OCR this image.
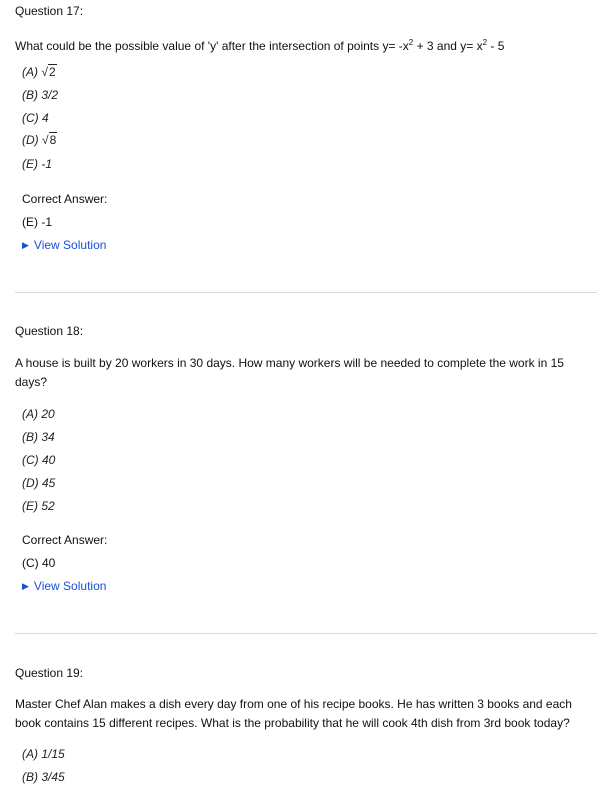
Question 17:
What could be the possible value of 'y' after the intersection of points $y= -x^2 + 3$ and $y= x^2 - 5$
(A) √2
(B) 3/2
(C) 4
(D) √8
(E) -1
Correct Answer:
(E) -1
▶ View Solution
Question 18:
A house is built by 20 workers in 30 days. How many workers will be needed to complete the work in 15 days?
(A) 20
(B) 34
(C) 40
(D) 45
(E) 52
Correct Answer:
(C) 40
▶ View Solution
Question 19:
Master Chef Alan makes a dish every day from one of his recipe books. He has written 3 books and each book contains 15 different recipes. What is the probability that he will cook 4th dish from 3rd book today?
(A) 1/15
(B) 3/45
